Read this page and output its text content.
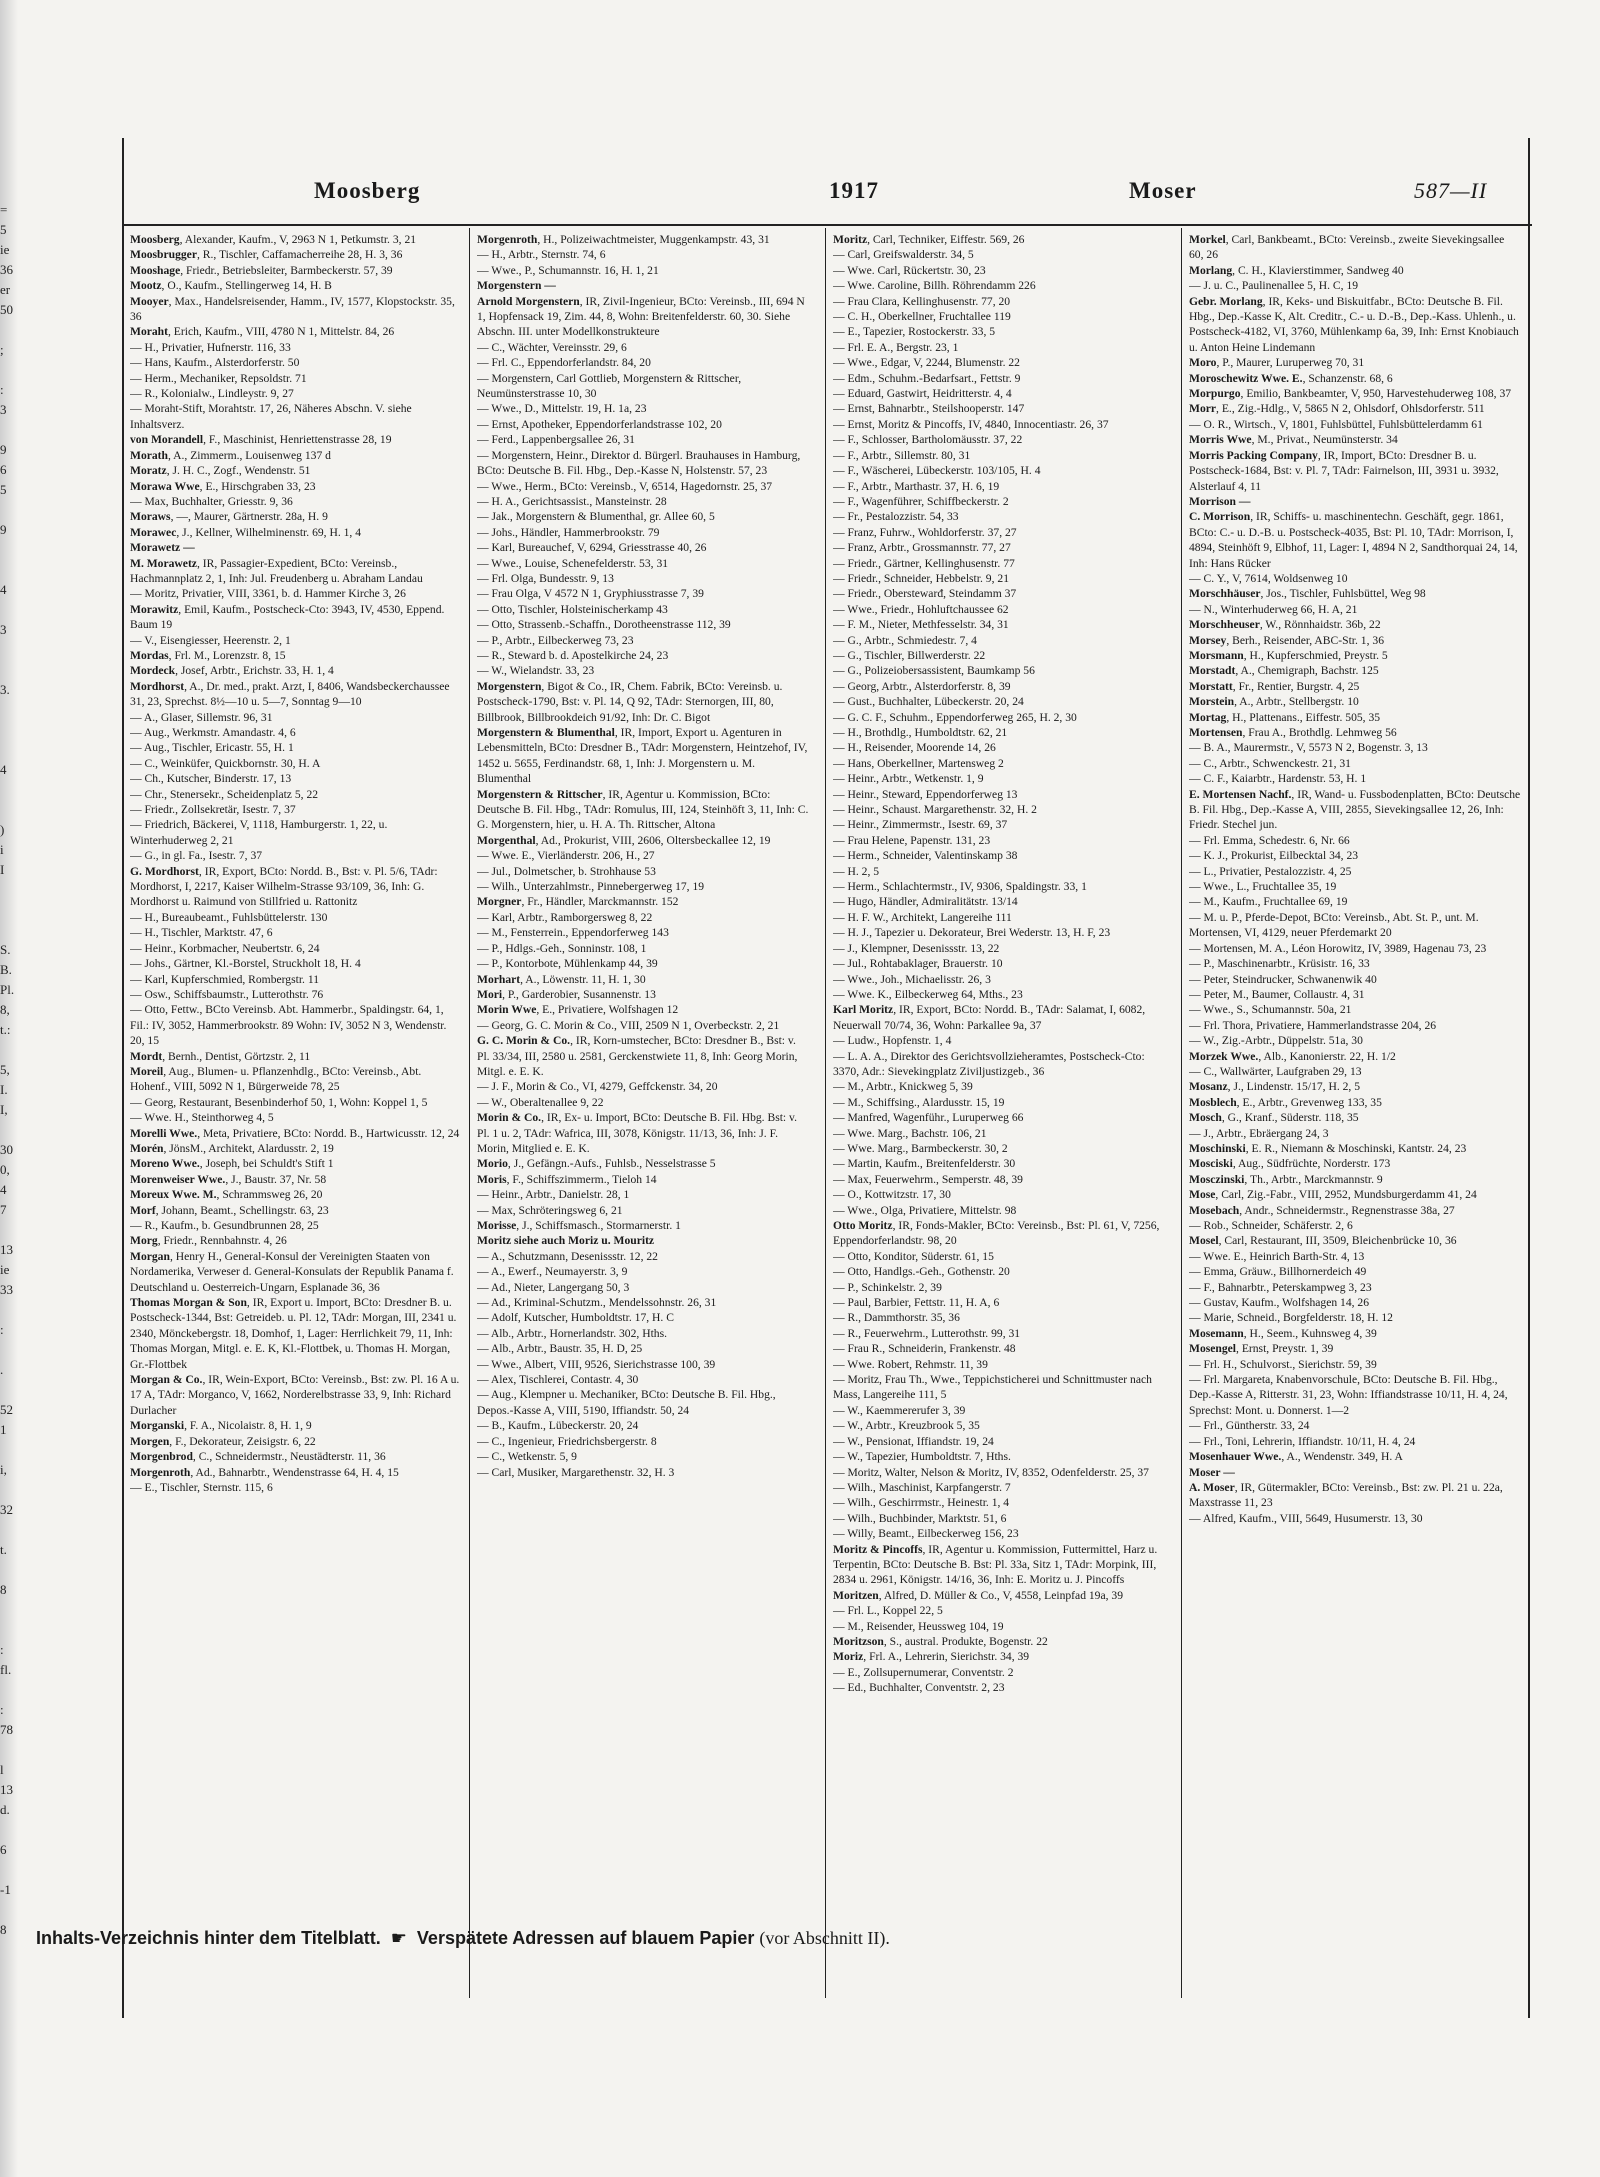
=
5
ie
36
er
50

;

:
3

9
6
5

9

4

3

3.

4

)
i
I

S.
B.
Pl.
8,
t.:

5,
I.
I,

30
0,
4
7

13
ie
33

:

.

52
1

i,

32

t.

8

:
fl.

:
78

l
13
d.

6

-1

8
Moosberg	1917	Moser	587—II
Moosberg, Alexander, Kaufm., V, 2963 N 1, Petkumstr. 3, 21
Moosbrugger, R., Tischler, Caffamacherreihe 28, H. 3, 36
Mooshage, Friedr., Betriebsleiter, Barmbeckerstr. 57, 39
Mootz, O., Kaufm., Stellingerweg 14, H. B
Mooyer, Max., Handelsreisender, Hamm., IV, 1577, Klopstockstr. 35, 36
Moraht, Erich, Kaufm., VIII, 4780 N 1, Mittelstr. 84, 26
— H., Privatier, Hufnerstr. 116, 33
— Hans, Kaufm., Alsterdorferstr. 50
— Herm., Mechaniker, Repsoldstr. 71
— R., Kolonialw., Lindleystr. 9, 27
— Moraht-Stift, Morahtstr. 17, 26, Näheres Abschn. V. siehe Inhaltsverz.
von Morandell, F., Maschinist, Henriettenstrasse 28, 19
Morath, A., Zimmerm., Louisenweg 137 d
Moratz, J. H. C., Zogf., Wendenstr. 51
Morawa Wwe, E., Hirschgraben 33, 23
— Max, Buchhalter, Griesstr. 9, 36
Moraws, —, Maurer, Gärtnerstr. 28a, H. 9
Morawec, J., Kellner, Wilhelminenstr. 69, H. 1, 4
Morawetz —
M. Morawetz, IR, Passagier-Expedient, BCto: Vereinsb., Hachmannplatz 2, 1, Inh: Jul. Freudenberg u. Abraham Landau
— Moritz, Privatier, VIII, 3361, b. d. Hammer Kirche 3, 26
Morawitz, Emil, Kaufm., Postscheck-Cto: 3943, IV, 4530, Eppend. Baum 19
— V., Eisengiesser, Heerenstr. 2, 1
Mordas, Frl. M., Lorenzstr. 8, 15
Mordeck, Josef, Arbtr., Erichstr. 33, H. 1, 4
Mordhorst, A., Dr. med., prakt. Arzt, I, 8406, Wandsbeckerchaussee 31, 23, Sprechst. 8½—10 u. 5—7, Sonntag 9—10
— A., Glaser, Sillemstr. 96, 31
— Aug., Werkmstr. Amandastr. 4, 6
— Aug., Tischler, Ericastr. 55, H. 1
— C., Weinküfer, Quickbornstr. 30, H. A
— Ch., Kutscher, Binderstr. 17, 13
— Chr., Stenersekr., Scheidenplatz 5, 22
— Friedr., Zollsekretär, Isestr. 7, 37
— Friedrich, Bäckerei, V, 1118, Hamburgerstr. 1, 22, u. Winterhuderweg 2, 21
— G., in gl. Fa., Isestr. 7, 37
G. Mordhorst, IR, Export, BCto: Nordd. B., Bst: v. Pl. 5/6, TAdr: Mordhorst, I, 2217, Kaiser Wilhelm-Strasse 93/109, 36, Inh: G. Mordhorst u. Raimund von Stillfried u. Rattonitz
— H., Bureaubeamt., Fuhlsbüttelerstr. 130
— H., Tischler, Marktstr. 47, 6
— Heinr., Korbmacher, Neubertstr. 6, 24
— Johs., Gärtner, Kl.-Borstel, Struckholt 18, H. 4
— Karl, Kupferschmied, Rombergstr. 11
— Osw., Schiffsbaumstr., Lutterothstr. 76
— Otto, Fettw., BCto Vereinsb. Abt. Hammerbr., Spaldingstr. 64, 1, Fil.: IV, 3052, Hammerbrookstr. 89 Wohn: IV, 3052 N 3, Wendenstr. 20, 15
Mordt, Bernh., Dentist, Görtzstr. 2, 11
Moreil, Aug., Blumen- u. Pflanzenhdlg., BCto: Vereinsb., Abt. Hohenf., VIII, 5092 N 1, Bürgerweide 78, 25
— Georg, Restaurant, Besenbinderhof 50, 1, Wohn: Koppel 1, 5
— Wwe. H., Steinthorweg 4, 5
Morelli Wwe., Meta, Privatiere, BCto: Nordd. B., Hartwicusstr. 12, 24
Morén, JönsM., Architekt, Alardusstr. 2, 19
Moreno Wwe., Joseph, bei Schuldt's Stift 1
Morenweiser Wwe., J., Baustr. 37, Nr. 58
Moreux Wwe. M., Schrammsweg 26, 20
Morf, Johann, Beamt., Schellingstr. 63, 23
— R., Kaufm., b. Gesundbrunnen 28, 25
Morg, Friedr., Rennbahnstr. 4, 26
Morgan, Henry H., General-Konsul der Vereinigten Staaten von Nordamerika, Verweser d. General-Konsulats der Republik Panama f. Deutschland u. Oesterreich-Ungarn, Esplanade 36, 36
Thomas Morgan & Son, IR, Export u. Import, BCto: Dresdner B. u. Postscheck-1344, Bst: Getreideb. u. Pl. 12, TAdr: Morgan, III, 2341 u. 2340, Mönckebergstr. 18, Domhof, 1, Lager: Herrlichkeit 79, 11, Inh: Thomas Morgan, Mitgl. e. E. K, Kl.-Flottbek, u. Thomas H. Morgan, Gr.-Flottbek
Morgan & Co., IR, Wein-Export, BCto: Vereinsb., Bst: zw. Pl. 16 A u. 17 A, TAdr: Morganco, V, 1662, Norderelbstrasse 33, 9, Inh: Richard Durlacher
Morganski, F. A., Nicolaistr. 8, H. 1, 9
Morgen, F., Dekorateur, Zeisigstr. 6, 22
Morgenbrod, C., Schneidermstr., Neustädterstr. 11, 36
Morgenroth, Ad., Bahnarbtr., Wendenstrasse 64, H. 4, 15
— E., Tischler, Sternstr. 115, 6
Morgenroth, H., Polizeiwachtmeister, Muggenkampstr. 43, 31
— H., Arbtr., Sternstr. 74, 6
— Wwe., P., Schumannstr. 16, H. 1, 21
Morgenstern —
Arnold Morgenstern, IR, Zivil-Ingenieur, BCto: Vereinsb., III, 694 N 1, Hopfensack 19, Zim. 44, 8, Wohn: Breitenfelderstr. 60, 30. Siehe Abschn. III. unter Modellkonstrukteure
— C., Wächter, Vereinsstr. 29, 6
— Frl. C., Eppendorferlandstr. 84, 20
— Morgenstern, Carl Gottlieb, Morgenstern & Rittscher, Neumünsterstrasse 10, 30
— Wwe., D., Mittelstr. 19, H. 1a, 23
— Ernst, Apotheker, Eppendorferlandstrasse 102, 20
— Ferd., Lappenbergsallee 26, 31
— Morgenstern, Heinr., Direktor d. Bürgerl. Brauhauses in Hamburg, BCto: Deutsche B. Fil. Hbg., Dep.-Kasse N, Holstenstr. 57, 23
— Wwe., Herm., BCto: Vereinsb., V, 6514, Hagedornstr. 25, 37
— H. A., Gerichtsassist., Mansteinstr. 28
— Jak., Morgenstern & Blumenthal, gr. Allee 60, 5
— Johs., Händler, Hammerbrookstr. 79
— Karl, Bureauchef, V, 6294, Griesstrasse 40, 26
— Wwe., Louise, Schenefelderstr. 53, 31
— Frl. Olga, Bundesstr. 9, 13
— Frau Olga, V 4572 N 1, Gryphiusstrasse 7, 39
— Otto, Tischler, Holsteinischerkamp 43
— Otto, Strassenb.-Schaffn., Dorotheenstrasse 112, 39
— P., Arbtr., Eilbeckerweg 73, 23
— R., Steward b. d. Apostelkirche 24, 23
— W., Wielandstr. 33, 23
Morgenstern, Bigot & Co., IR, Chem. Fabrik, BCto: Vereinsb. u. Postscheck-1790, Bst: v. Pl. 14, Q 92, TAdr: Sternorgen, III, 80, Billbrook, Billbrookdeich 91/92, Inh: Dr. C. Bigot
Morgenstern & Blumenthal, IR, Import, Export u. Agenturen in Lebensmitteln, BCto: Dresdner B., TAdr: Morgenstern, Heintzehof, IV, 1452 u. 5655, Ferdinandstr. 68, 1, Inh: J. Morgenstern u. M. Blumenthal
Morgenstern & Rittscher, IR, Agentur u. Kommission, BCto: Deutsche B. Fil. Hbg., TAdr: Romulus, III, 124, Steinhöft 3, 11, Inh: C. G. Morgenstern, hier, u. H. A. Th. Rittscher, Altona
Morgenthal, Ad., Prokurist, VIII, 2606, Oltersbeckallee 12, 19
— Wwe. E., Vierländerstr. 206, H., 27
— Jul., Dolmetscher, b. Strohhause 53
— Wilh., Unterzahlmstr., Pinnebergerweg 17, 19
Morgner, Fr., Händler, Marckmannstr. 152
— Karl, Arbtr., Ramborgersweg 8, 22
— M., Fensterrein., Eppendorferweg 143
— P., Hdlgs.-Geh., Sonninstr. 108, 1
— P., Kontorbote, Mühlenkamp 44, 39
Morhart, A., Löwenstr. 11, H. 1, 30
Mori, P., Garderobier, Susannenstr. 13
Morin Wwe, E., Privatiere, Wolfshagen 12
— Georg, G. C. Morin & Co., VIII, 2509 N 1, Overbeckstr. 2, 21
G. C. Morin & Co., IR, Korn-umstecher, BCto: Dresdner B., Bst: v. Pl. 33/34, III, 2580 u. 2581, Gerckenstwiete 11, 8, Inh: Georg Morin, Mitgl. e. E. K.
— J. F., Morin & Co., VI, 4279, Geffckenstr. 34, 20
— W., Oberaltenallee 9, 22
Morin & Co., IR, Ex- u. Import, BCto: Deutsche B. Fil. Hbg. Bst: v. Pl. 1 u. 2, TAdr: Wafrica, III, 3078, Königstr. 11/13, 36, Inh: J. F. Morin, Mitglied e. E. K.
Morio, J., Gefängn.-Aufs., Fuhlsb., Nesselstrasse 5
Moris, F., Schiffszimmerm., Tieloh 14
— Heinr., Arbtr., Danielstr. 28, 1
— Max, Schröteringsweg 6, 21
Morisse, J., Schiffsmasch., Stormarnerstr. 1
Moritz siehe auch Moriz u. Mouritz
— A., Schutzmann, Desenissstr. 12, 22
— A., Ewerf., Neumayerstr. 3, 9
— Ad., Nieter, Langergang 50, 3
— Ad., Kriminal-Schutzm., Mendelssohnstr. 26, 31
— Adolf, Kutscher, Humboldtstr. 17, H. C
— Alb., Arbtr., Hornerlandstr. 302, Hths.
— Alb., Arbtr., Baustr. 35, H. D, 25
— Wwe., Albert, VIII, 9526, Sierichstrasse 100, 39
— Alex, Tischlerei, Contastr. 4, 30
— Aug., Klempner u. Mechaniker, BCto: Deutsche B. Fil. Hbg., Depos.-Kasse A, VIII, 5190, Iffiandstr. 50, 24
— B., Kaufm., Lübeckerstr. 20, 24
— C., Ingenieur, Friedrichsbergerstr. 8
— C., Wetkenstr. 5, 9
— Carl, Musiker, Margarethenstr. 32, H. 3
Moritz, Carl, Techniker, Eiffestr. 569, 26
— Carl, Greifswalderstr. 34, 5
— Wwe. Carl, Rückertstr. 30, 23
— Wwe. Caroline, Billh. Röhrendamm 226
— Frau Clara, Kellinghusenstr. 77, 20
— C. H., Oberkellner, Fruchtallee 119
— E., Tapezier, Rostockerstr. 33, 5
— Frl. E. A., Bergstr. 23, 1
— Wwe., Edgar, V, 2244, Blumenstr. 22
— Edm., Schuhm.-Bedarfsart., Fettstr. 9
— Eduard, Gastwirt, Heidritterstr. 4, 4
— Ernst, Bahnarbtr., Steilshooperstr. 147
— Ernst, Moritz & Pincoffs, IV, 4840, Innocentiastr. 26, 37
— F., Schlosser, Bartholomäusstr. 37, 22
— F., Arbtr., Sillemstr. 80, 31
— F., Wäscherei, Lübeckerstr. 103/105, H. 4
— F., Arbtr., Marthastr. 37, H. 6, 19
— F., Wagenführer, Schiffbeckerstr. 2
— Fr., Pestalozzistr. 54, 33
— Franz, Fuhrw., Wohldorferstr. 37, 27
— Franz, Arbtr., Grossmannstr. 77, 27
— Friedr., Gärtner, Kellinghusenstr. 77
— Friedr., Schneider, Hebbelstr. 9, 21
— Friedr., Oberstewarđ, Steindamm 37
— Wwe., Friedr., Hohluftchaussee 62
— F. M., Nieter, Methfesselstr. 34, 31
— G., Arbtr., Schmiedestr. 7, 4
— G., Tischler, Billwerderstr. 22
— G., Polizeiobersassistent, Baumkamp 56
— Georg, Arbtr., Alsterdorferstr. 8, 39
— Gust., Buchhalter, Lübeckerstr. 20, 24
— G. C. F., Schuhm., Eppendorferweg 265, H. 2, 30
— H., Brothdlg., Humboldtstr. 62, 21
— H., Reisender, Moorende 14, 26
— Hans, Oberkellner, Martensweg 2
— Heinr., Arbtr., Wetkenstr. 1, 9
— Heinr., Steward, Eppendorferweg 13
— Heinr., Schaust. Margarethenstr. 32, H. 2
— Heinr., Zimmermstr., Isestr. 69, 37
— Frau Helene, Papenstr. 131, 23
— Herm., Schneider, Valentinskamp 38
— H. 2, 5
— Herm., Schlachtermstr., IV, 9306, Spaldingstr. 33, 1
— Hugo, Händler, Admiralitätstr. 13/14
— H. F. W., Architekt, Langereihe 111
— H. J., Tapezier u. Dekorateur, Brei Wederstr. 13, H. F, 23
— J., Klempner, Desenissstr. 13, 22
— Jul., Rohtabaklager, Brauerstr. 10
— Wwe., Joh., Michaelisstr. 26, 3
— Wwe. K., Eilbeckerweg 64, Mths., 23
Karl Moritz, IR, Export, BCto: Nordd. B., TAdr: Salamat, I, 6082, Neuerwall 70/74, 36, Wohn: Parkallee 9a, 37
— Ludw., Hopfenstr. 1, 4
— L. A. A., Direktor des Gerichtsvollzieheramtes, Postscheck-Cto: 3370, Adr.: Sievekingplatz Ziviljustizgeb., 36
— M., Arbtr., Knickweg 5, 39
— M., Schiffsing., Alardusstr. 15, 19
— Manfred, Wagenführ., Luruperweg 66
— Wwe. Marg., Bachstr. 106, 21
— Wwe. Marg., Barmbeckerstr. 30, 2
— Martin, Kaufm., Breitenfelderstr. 30
— Max, Feuerwehrm., Semperstr. 48, 39
— O., Kottwitzstr. 17, 30
— Wwe., Olga, Privatiere, Mittelstr. 98
Otto Moritz, IR, Fonds-Makler, BCto: Vereinsb., Bst: Pl. 61, V, 7256, Eppendorferlandstr. 98, 20
— Otto, Konditor, Süderstr. 61, 15
— Otto, Handlgs.-Geh., Gothenstr. 20
— P., Schinkelstr. 2, 39
— Paul, Barbier, Fettstr. 11, H. A, 6
— R., Dammthorstr. 35, 36
— R., Feuerwehrm., Lutterothstr. 99, 31
— Frau R., Schneiderin, Frankenstr. 48
— Wwe. Robert, Rehmstr. 11, 39
— Moritz, Frau Th., Wwe., Teppichsticherei und Schnittmuster nach Mass, Langereihe 111, 5
— W., Kaemmererufer 3, 39
— W., Arbtr., Kreuzbrook 5, 35
— W., Pensionat, Iffiandstr. 19, 24
— W., Tapezier, Humboldtstr. 7, Hths.
— Moritz, Walter, Nelson & Moritz, IV, 8352, Odenfelderstr. 25, 37
— Wilh., Maschinist, Karpfangerstr. 7
— Wilh., Geschirrmstr., Heinestr. 1, 4
— Wilh., Buchbinder, Marktstr. 51, 6
— Willy, Beamt., Eilbeckerweg 156, 23
Moritz & Pincoffs, IR, Agentur u. Kommission, Futtermittel, Harz u. Terpentin, BCto: Deutsche B. Bst: Pl. 33a, Sitz 1, TAdr: Morpink, III, 2834 u. 2961, Königstr. 14/16, 36, Inh: E. Moritz u. J. Pincoffs
Moritzen, Alfred, D. Müller & Co., V, 4558, Leinpfad 19a, 39
— Frl. L., Koppel 22, 5
— M., Reisender, Heussweg 104, 19
Moritzson, S., austral. Produkte, Bogenstr. 22
Moriz, Frl. A., Lehrerin, Sierichstr. 34, 39
— E., Zollsupernumerar, Conventstr. 2
— Ed., Buchhalter, Conventstr. 2, 23
Morkel, Carl, Bankbeamt., BCto: Vereinsb., zweite Sievekingsallee 60, 26
Morlang, C. H., Klavierstimmer, Sandweg 40
— J. u. C., Paulinenallee 5, H. C, 19
Gebr. Morlang, IR, Keks- und Biskuitfabr., BCto: Deutsche B. Fil. Hbg., Dep.-Kasse K, Alt. Creditr., C.- u. D.-B., Dep.-Kass. Uhlenh., u. Postscheck-4182, VI, 3760, Mühlenkamp 6a, 39, Inh: Ernst Knobiauch u. Anton Heine Lindemann
Moro, P., Maurer, Luruperweg 70, 31
Moroschewitz Wwe. E., Schanzenstr. 68, 6
Morpurgo, Emilio, Bankbeamter, V, 950, Harvestehuderweg 108, 37
Morr, E., Zig.-Hdlg., V, 5865 N 2, Ohlsdorf, Ohlsdorferstr. 511
— O. R., Wirtsch., V, 1801, Fuhlsbüttel, Fuhlsbüttelerdamm 61
Morris Wwe, M., Privat., Neumünsterstr. 34
Morris Packing Company, IR, Import, BCto: Dresdner B. u. Postscheck-1684, Bst: v. Pl. 7, TAdr: Fairnelson, III, 3931 u. 3932, Alsterlauf 4, 11
Morrison —
C. Morrison, IR, Schiffs- u. maschinentechn. Geschäft, gegr. 1861, BCto: C.- u. D.-B. u. Postscheck-4035, Bst: Pl. 10, TAdr: Morrison, I, 4894, Steinhöft 9, Elbhof, 11, Lager: I, 4894 N 2, Sandthorquai 24, 14, Inh: Hans Rücker
— C. Y., V, 7614, Woldsenweg 10
Morschhäuser, Jos., Tischler, Fuhlsbüttel, Weg 98
— N., Winterhuderweg 66, H. A, 21
Morschheuser, W., Rönnhaidstr. 36b, 22
Morsey, Berh., Reisender, ABC-Str. 1, 36
Morsmann, H., Kupferschmied, Preystr. 5
Morstadt, A., Chemigraph, Bachstr. 125
Morstatt, Fr., Rentier, Burgstr. 4, 25
Morstein, A., Arbtr., Stellbergstr. 10
Mortag, H., Plattenans., Eiffestr. 505, 35
Mortensen, Frau A., Brothdlg. Lehmweg 56
— B. A., Maurermstr., V, 5573 N 2, Bogenstr. 3, 13
— C., Arbtr., Schwenckestr. 21, 31
— C. F., Kaiarbtr., Hardenstr. 53, H. 1
E. Mortensen Nachf., IR, Wand- u. Fussbodenplatten, BCto: Deutsche B. Fil. Hbg., Dep.-Kasse A, VIII, 2855, Sievekingsallee 12, 26, Inh: Friedr. Stechel jun.
— Frl. Emma, Schedestr. 6, Nr. 66
— K. J., Prokurist, Eilbecktal 34, 23
— L., Privatier, Pestalozzistr. 4, 25
— Wwe., L., Fruchtallee 35, 19
— M., Kaufm., Fruchtallee 69, 19
— M. u. P., Pferde-Depot, BCto: Vereinsb., Abt. St. P., unt. M. Mortensen, VI, 4129, neuer Pferdemarkt 20
— Mortensen, M. A., Léon Horowitz, IV, 3989, Hagenau 73, 23
— P., Maschinenarbtr., Krüsistr. 16, 33
— Peter, Steindrucker, Schwanenwik 40
— Peter, M., Baumer, Collaustr. 4, 31
— Wwe., S., Schumannstr. 50a, 21
— Frl. Thora, Privatiere, Hammerlandstrasse 204, 26
— W., Zig.-Arbtr., Düppelstr. 51a, 30
Morzek Wwe., Alb., Kanonierstr. 22, H. 1/2
— C., Wallwärter, Laufgraben 29, 13
Mosanz, J., Lindenstr. 15/17, H. 2, 5
Mosblech, E., Arbtr., Grevenweg 133, 35
Mosch, G., Kranf., Süderstr. 118, 35
— J., Arbtr., Ebräergang 24, 3
Moschinski, E. R., Niemann & Moschinski, Kantstr. 24, 23
Mosciski, Aug., Südfrüchte, Norderstr. 173
Mosczinski, Th., Arbtr., Marckmannstr. 9
Mose, Carl, Zig.-Fabr., VIII, 2952, Mundsburgerdamm 41, 24
Mosebach, Andr., Schneidermstr., Regnenstrasse 38a, 27
— Rob., Schneider, Schäferstr. 2, 6
Mosel, Carl, Restaurant, III, 3509, Bleichenbrücke 10, 36
— Wwe. E., Heinrich Barth-Str. 4, 13
— Emma, Gräuw., Billhornerdeich 49
— F., Bahnarbtr., Peterskampweg 3, 23
— Gustav, Kaufm., Wolfshagen 14, 26
— Marie, Schneid., Borgfelderstr. 18, H. 12
Mosemann, H., Seem., Kuhnsweg 4, 39
Mosengel, Ernst, Preystr. 1, 39
— Frl. H., Schulvorst., Sierichstr. 59, 39
— Frl. Margareta, Knabenvorschule, BCto: Deutsche B. Fil. Hbg., Dep.-Kasse A, Ritterstr. 31, 23, Wohn: Iffiandstrasse 10/11, H. 4, 24, Sprechst: Mont. u. Donnerst. 1—2
— Frl., Güntherstr. 33, 24
— Frl., Toni, Lehrerin, Iffiandstr. 10/11, H. 4, 24
Mosenhauer Wwe., A., Wendenstr. 349, H. A
Moser —
A. Moser, IR, Gütermakler, BCto: Vereinsb., Bst: zw. Pl. 21 u. 22a, Maxstrasse 11, 23
— Alfred, Kaufm., VIII, 5649, Husumerstr. 13, 30
Inhalts-Verzeichnis hinter dem Titelblatt.  ☛  Verspätete Adressen auf blauem Papier (vor Abschnitt II).
